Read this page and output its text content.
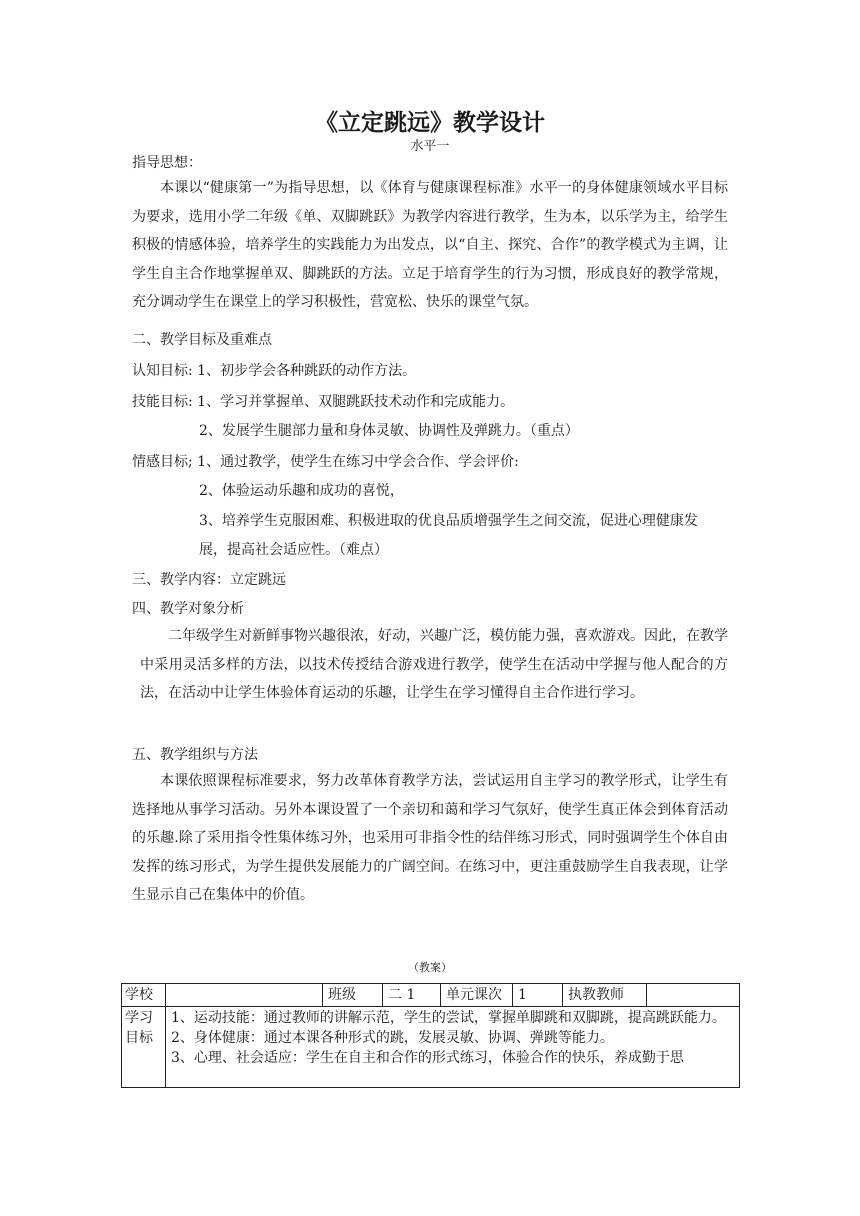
《立定跳远》教学设计
水平一
指导思想：
本课以“健康第一”为指导思想，以《体育与健康课程标准》水平一的身体健康领域水平目标为要求，选用小学二年级《单、双脚跳跃》为教学内容进行教学，生为本，以乐学为主，给学生积极的情感体验，培养学生的实践能力为出发点，以“自主、探究、合作”的教学模式为主调，让学生自主合作地掌握单双、脚跳跃的方法。立足于培育学生的行为习惯，形成良好的教学常规，充分调动学生在课堂上的学习积极性，营宽松、快乐的课堂气氛。
二、教学目标及重难点
认知目标: 1、初步学会各种跳跃的动作方法。
技能目标: 1、学习并掌握单、双腿跳跃技术动作和完成能力。
2、发展学生腿部力量和身体灵敏、协调性及弹跳力。（重点）
情感目标; 1、通过教学，使学生在练习中学会合作、学会评价:
2、体验运动乐趣和成功的喜悦，
3、培养学生克服困难、积极进取的优良品质增强学生之间交流，促进心理健康发
展，提高社会适应性。（难点）
三、教学内容：立定跳远
四、教学对象分析
二年级学生对新鲜事物兴趣很浓，好动，兴趣广泛，模仿能力强，喜欢游戏。因此，在教学中采用灵活多样的方法，以技术传授结合游戏进行教学，使学生在活动中学握与他人配合的方法，在活动中让学生体验体育运动的乐趣，让学生在学习懂得自主合作进行学习。
五、教学组织与方法
本课依照课程标准要求，努力改革体育教学方法，尝试运用自主学习的教学形式，让学生有选择地从事学习活动。另外本课设置了一个亲切和蔼和学习气氛好，使学生真正体会到体育活动的乐趣.除了采用指令性集体练习外，也采用可非指令性的结伴练习形式，同时强调学生个体自由发挥的练习形式，为学生提供发展能力的广阔空间。在练习中，更注重鼓励学生自我表现，让学生显示自己在集体中的价值。
（教案）
学校		班级	二 1	单元课次	1	执教教师	
学习目标	1、运动技能：通过教师的讲解示范，学生的尝试，掌握单脚跳和双脚跳，提高跳跃能力。
2、身体健康：通过本课各种形式的跳，发展灵敏、协调、弹跳等能力。
3、心理、社会适应：学生在自主和合作的形式练习，体验合作的快乐，养成勤于思						
